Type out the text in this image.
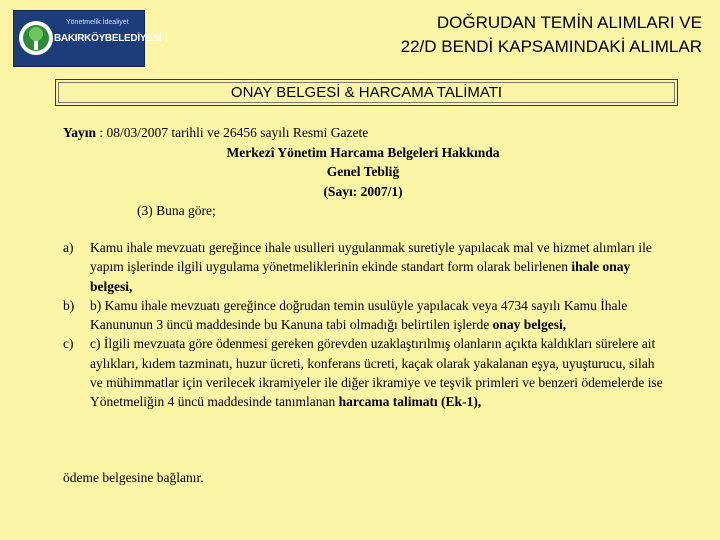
Yönetmelik İdealiyet
BAKIRKÖYBELEDİYESİ
DOĞRUDAN TEMİN ALIMLARI VE
22/D BENDİ KAPSAMINDAKİ ALIMLAR
ONAY BELGESİ & HARCAMA TALİMATI
Yayın : 08/03/2007 tarihli ve 26456 sayılı Resmi Gazete
Merkezî Yönetim Harcama Belgeleri Hakkında
Genel Tebliğ
(Sayı: 2007/1)
(3) Buna göre;
a)	Kamu ihale mevzuatı gereğince ihale usulleri uygulanmak suretiyle yapılacak mal ve hizmet alımları ile yapım işlerinde ilgili uygulama yönetmeliklerinin ekinde standart form olarak belirlenen ihale onay belgesi,
b)	b) Kamu ihale mevzuatı gereğince doğrudan temin usulüyle yapılacak veya 4734 sayılı Kamu İhale Kanununun 3 üncü maddesinde bu Kanuna tabi olmadığı belirtilen işlerde onay belgesi,
c)	c) İlgili mevzuata göre ödenmesi gereken görevden uzaklaştırılmış olanların açıkta kaldıkları sürelere ait aylıkları, kıdem tazminatı, huzur ücreti, konferans ücreti, kaçak olarak yakalanan eşya, uyuşturucu, silah ve mühimmatlar için verilecek ikramiyeler ile diğer ikramiye ve teşvik primleri ve benzeri ödemelerde ise Yönetmeliğin 4 üncü maddesinde tanımlanan harcama talimatı (Ek-1),
ödeme belgesine bağlanır.
